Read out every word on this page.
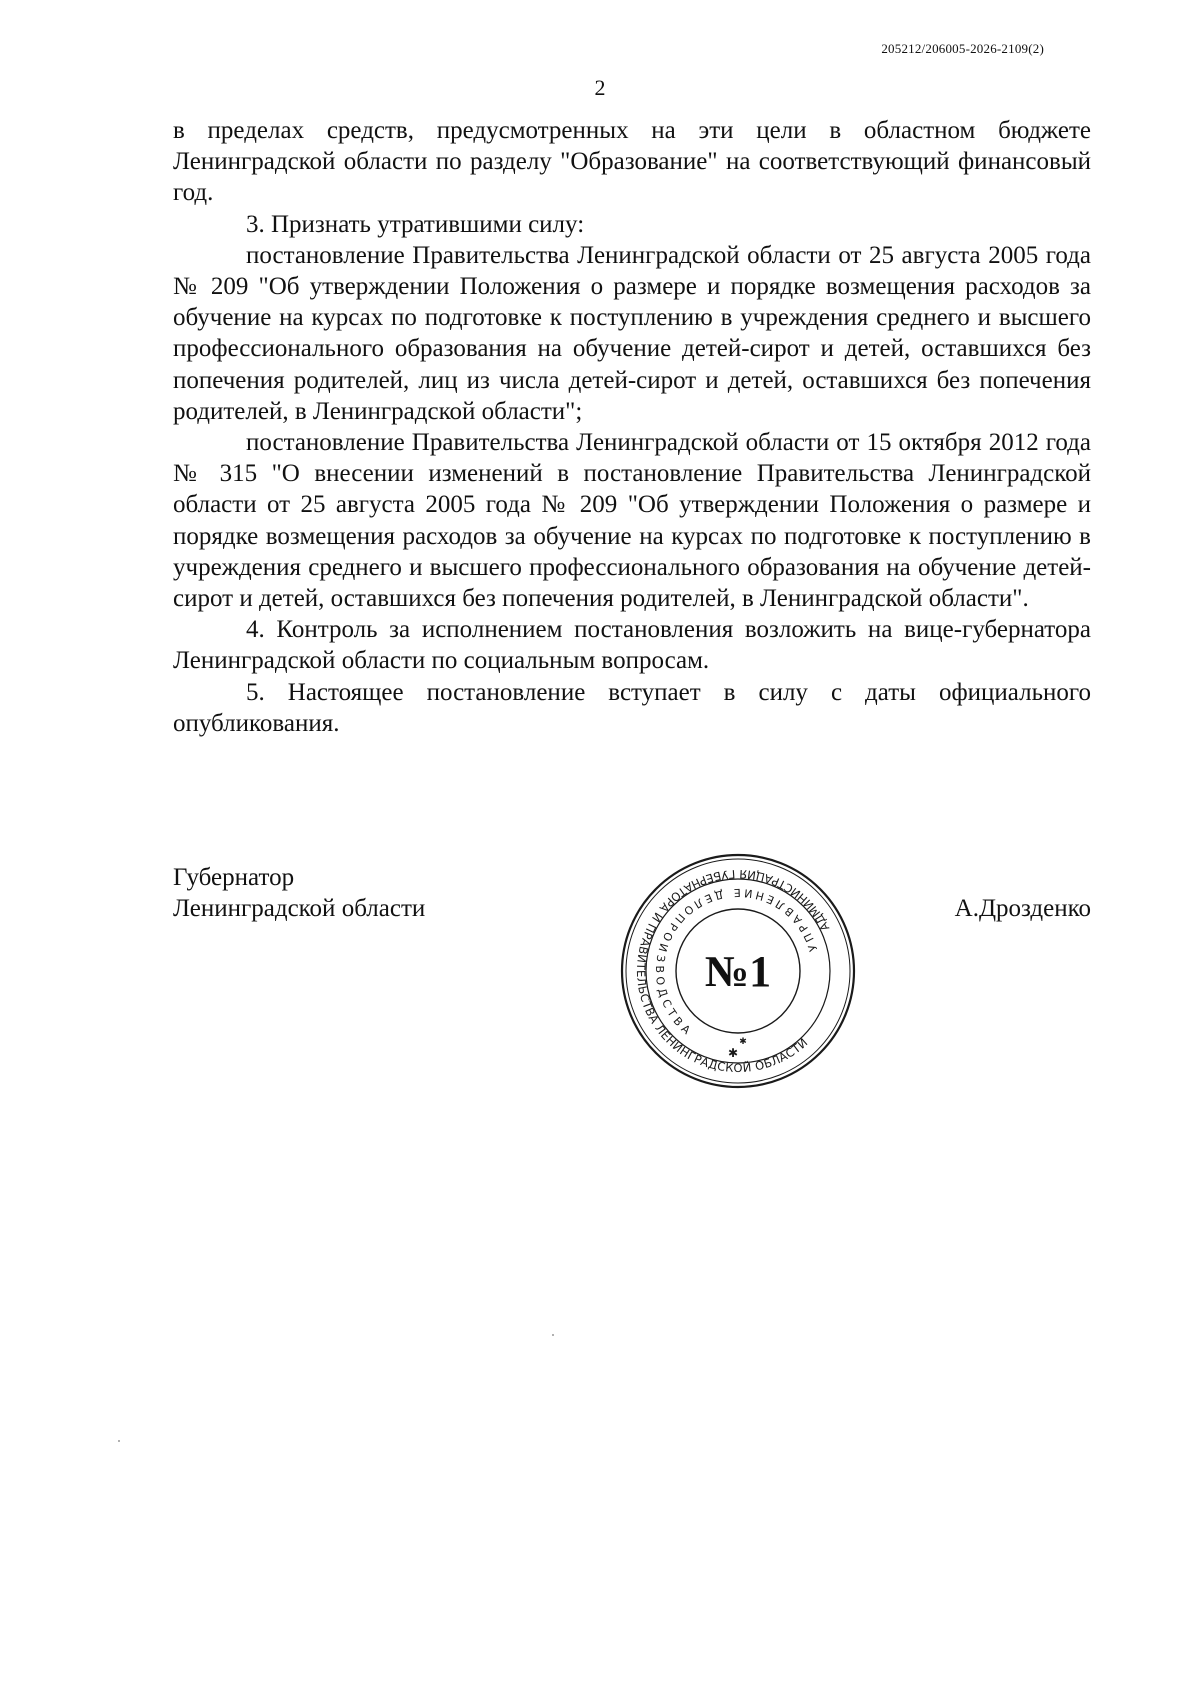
205212/206005-2026-2109(2)
2

в пределах средств, предусмотренных на эти цели в областном бюджете Ленинградской области по разделу "Образование" на соответствующий финансовый год.

3. Признать утратившими силу:

постановление Правительства Ленинградской области от 25 августа 2005 года № 209 "Об утверждении Положения о размере и порядке возмещения расходов за обучение на курсах по подготовке к поступлению в учреждения среднего и высшего профессионального образования на обучение детей-сирот и детей, оставшихся без попечения родителей, лиц из числа детей-сирот и детей, оставшихся без попечения родителей, в Ленинградской области";

постановление Правительства Ленинградской области от 15 октября 2012 года № 315 "О внесении изменений в постановление Правительства Ленинградской области от 25 августа 2005 года № 209 "Об утверждении Положения о размере и порядке возмещения расходов за обучение на курсах по подготовке к поступлению в учреждения среднего и высшего профессионального образования на обучение детей-сирот и детей, оставшихся без попечения родителей, в Ленинградской области".

4. Контроль за исполнением постановления возложить на вице-губернатора Ленинградской области по социальным вопросам.

5. Настоящее постановление вступает в силу с даты официального опубликования.

Губернатор
Ленинградской области
АДМИНИСТРАЦИЯ ГУБЕРНАТОРА И ПРАВИТЕЛЬСТВА ЛЕНИНГРАДСКОЙ ОБЛАСТИ
УПРАВЛЕНИЕ ДЕЛОПРОИЗВОДСТВА
№1
✱
✱
А.Дрозденко
